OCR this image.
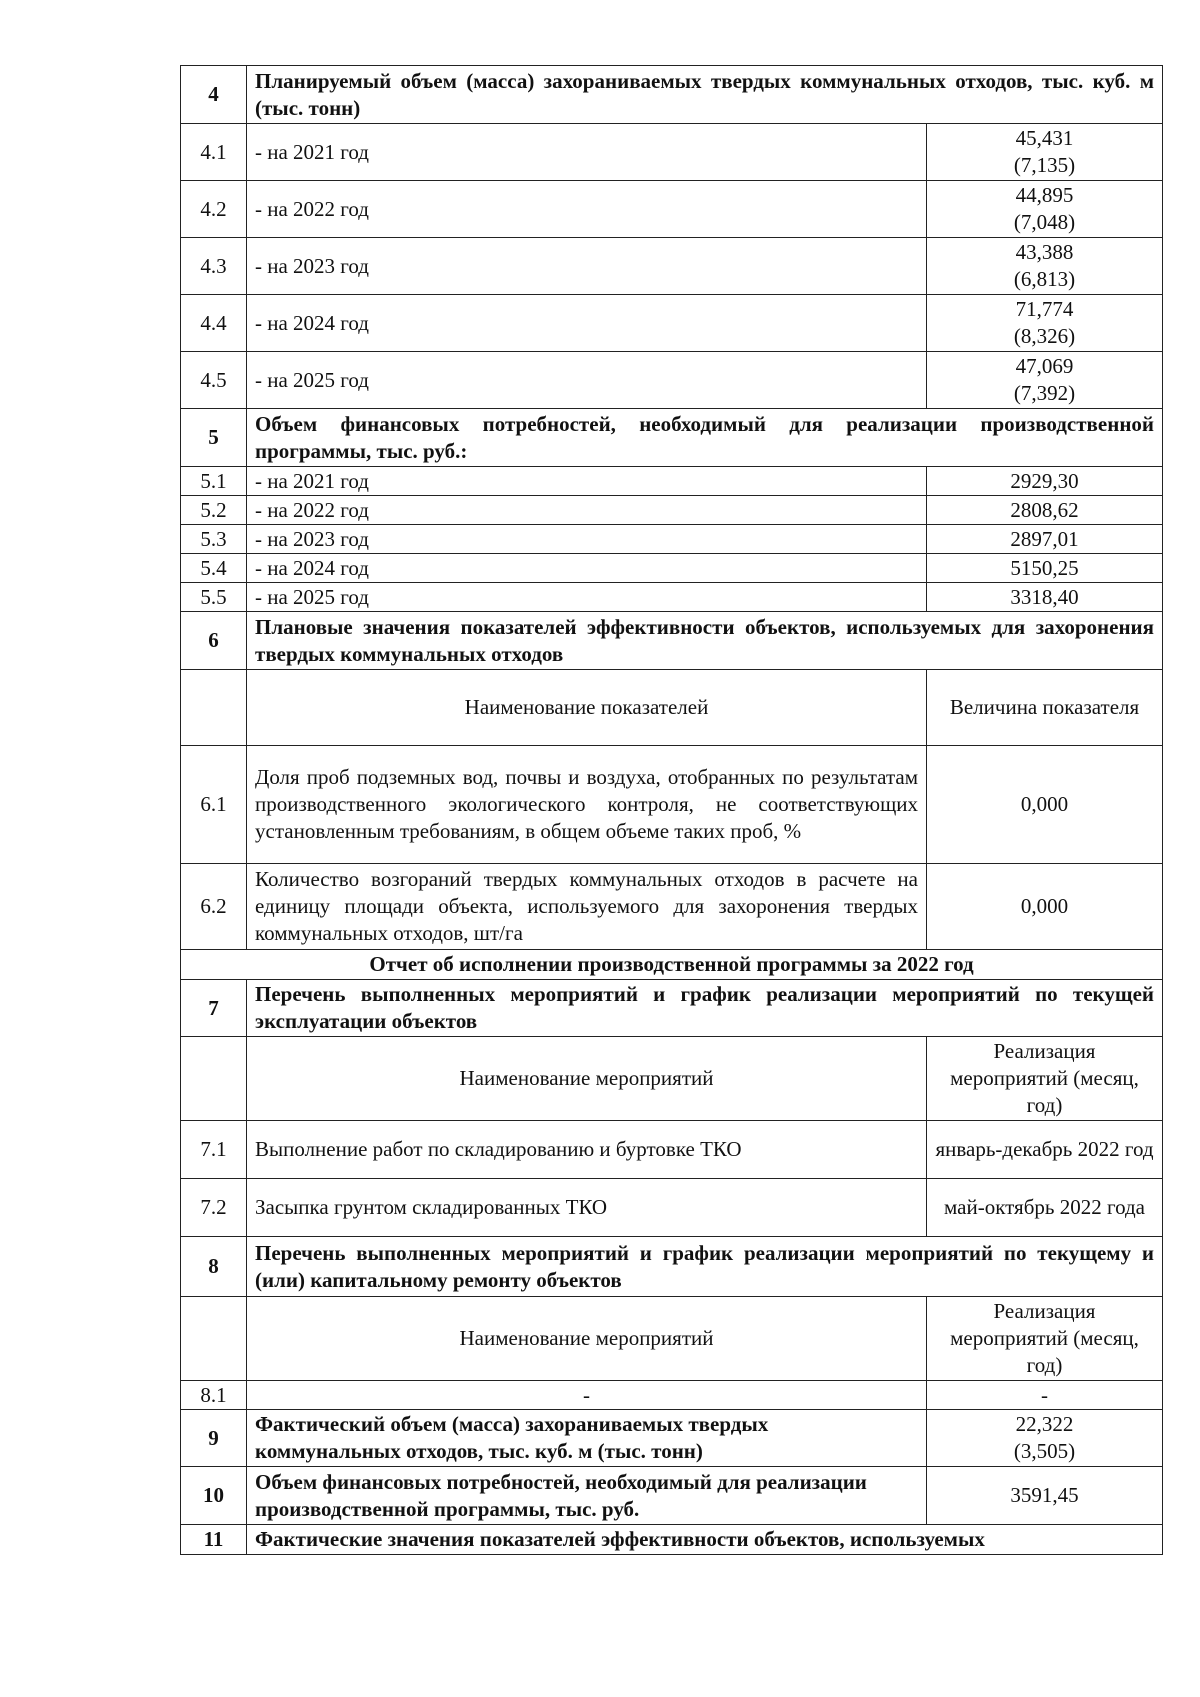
4	Планируемый объем (масса) захораниваемых твердых коммунальных отходов, тыс. куб. м (тыс. тонн)	
4.1	- на 2021 год	45,431
(7,135)

4.2	- на 2022 год	44,895
(7,048)

4.3	- на 2023 год	43,388
(6,813)

4.4	- на 2024 год	71,774
(8,326)

4.5	- на 2025 год	47,069
(7,392)

5	Объем финансовых потребностей, необходимый для реализации производственной программы, тыс. руб.:	
5.1	- на 2021 год	2929,30
5.2	- на 2022 год	2808,62
5.3	- на 2023 год	2897,01
5.4	- на 2024 год	5150,25
5.5	- на 2025 год	3318,40
6	Плановые значения показателей эффективности объектов, используемых для захоронения твердых коммунальных отходов	
	Наименование показателей	Величина показателя
6.1	Доля проб подземных вод, почвы и воздуха, отобранных по результатам производственного экологического контроля, не соответствующих установленным требованиям, в общем объеме таких проб, %	0,000
6.2	Количество возгораний твердых коммунальных отходов в расчете на единицу площади объекта, используемого для захоронения твердых коммунальных отходов, шт/га	0,000
Отчет об исполнении производственной программы за 2022 год		
7	Перечень выполненных мероприятий и график реализации мероприятий по текущей эксплуатации объектов	
	Наименование мероприятий	Реализация мероприятий (месяц, год)
7.1	Выполнение работ по складированию и буртовке ТКО	январь-декабрь 2022 год
7.2	Засыпка грунтом складированных ТКО	май-октябрь 2022 года
8	Перечень выполненных мероприятий и график реализации мероприятий по текущему и (или) капитальному ремонту объектов	
	Наименование мероприятий	Реализация мероприятий (месяц, год)
8.1	-	-
9	Фактический объем (масса) захораниваемых твердых коммунальных отходов, тыс. куб. м (тыс. тонн)	22,322
(3,505)

10	Объем финансовых потребностей, необходимый для реализации производственной программы, тыс. руб.	3591,45
11	Фактические значения показателей эффективности объектов, используемых	
